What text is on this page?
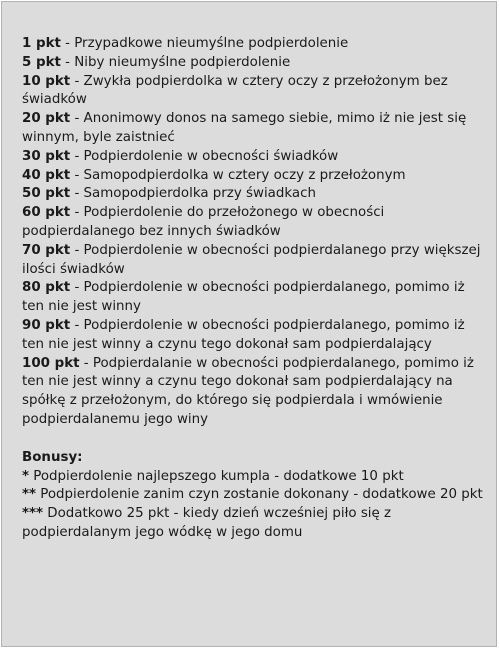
1 pkt - Przypadkowe nieumyślne podpierdolenie

5 pkt - Niby nieumyślne podpierdolenie

10 pkt - Zwykła podpierdolka w cztery oczy z przełożonym bez świadków

20 pkt - Anonimowy donos na samego siebie, mimo iż nie jest się winnym, byle zaistnieć

30 pkt - Podpierdolenie w obecności świadków

40 pkt - Samopodpierdolka w cztery oczy z przełożonym

50 pkt - Samopodpierdolka przy świadkach

60 pkt - Podpierdolenie do przełożonego w obecności podpierdalanego bez innych świadków

70 pkt - Podpierdolenie w obecności podpierdalanego przy większej ilości świadków

80 pkt - Podpierdolenie w obecności podpierdalanego, pomimo iż ten nie jest winny

90 pkt - Podpierdolenie w obecności podpierdalanego, pomimo iż ten nie jest winny a czynu tego dokonał sam podpierdalający

100 pkt - Podpierdalanie w obecności podpierdalanego, pomimo iż ten nie jest winny a czynu tego dokonał sam podpierdalający na spółkę z przełożonym, do którego się podpierdala i wmówienie podpierdalanemu jego winy

Bonusy:

* Podpierdolenie najlepszego kumpla - dodatkowe 10 pkt

** Podpierdolenie zanim czyn zostanie dokonany - dodatkowe 20 pkt

*** Dodatkowo 25 pkt - kiedy dzień wcześniej piło się z podpierdalanym jego wódkę w jego domu
